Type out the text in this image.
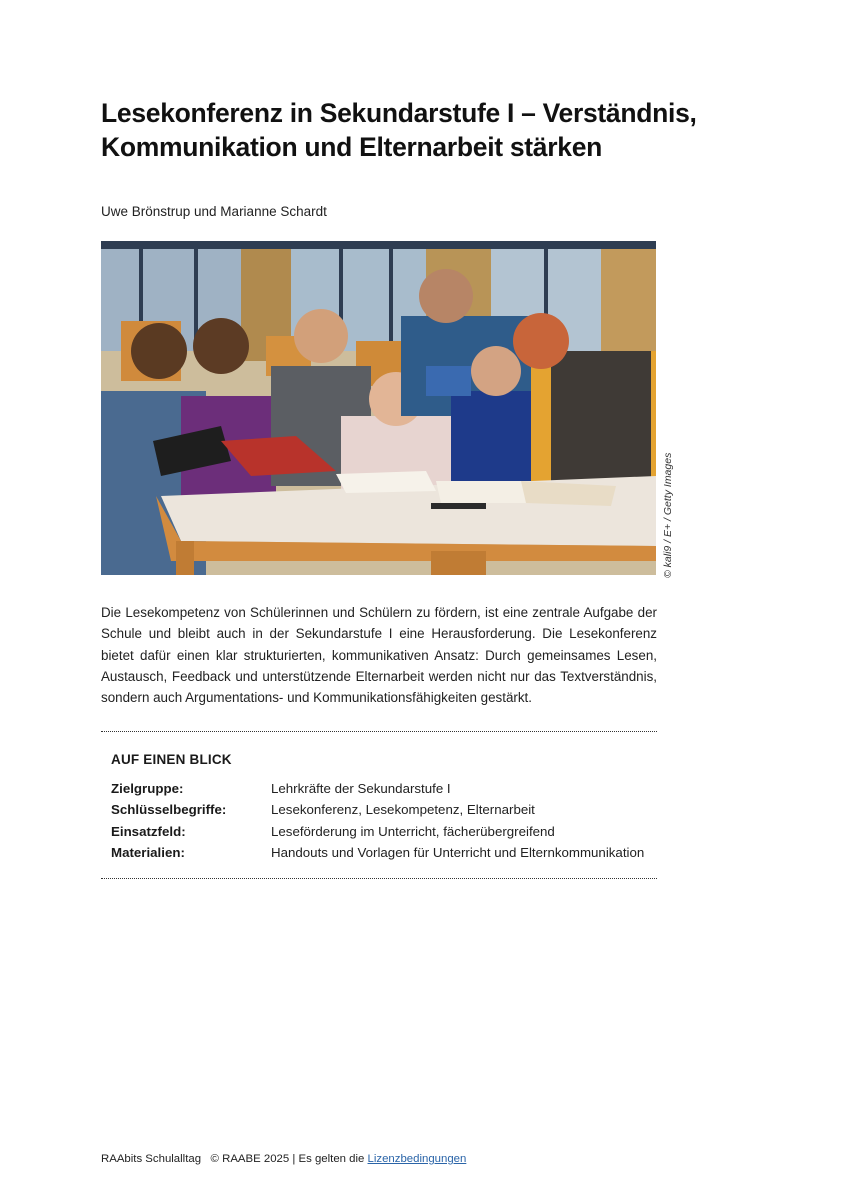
Lesekonferenz in Sekundarstufe I – Verständnis,
Kommunikation und Elternarbeit stärken
Uwe Brönstrup und Marianne Schardt
© kali9 / E+ / Getty Images

Die Lesekompetenz von Schülerinnen und Schülern zu fördern, ist eine zentrale Aufgabe der Schule und bleibt auch in der Sekundarstufe I eine Herausforderung. Die Lesekonferenz bietet dafür einen klar strukturierten, kommunikativen Ansatz: Durch gemeinsames Lesen, Austausch, Feedback und unterstützende Elternarbeit werden nicht nur das Textverständnis, sondern auch Argumentations- und Kommunikationsfähigkeiten gestärkt.

AUF EINEN BLICK
Zielgruppe:	Lehrkräfte der Sekundarstufe I
Schlüsselbegriffe:	Lesekonferenz, Lesekompetenz, Elternarbeit
Einsatzfeld:	Leseförderung im Unterricht, fächerübergreifend
Materialien:	Handouts und Vorlagen für Unterricht und Elternkommunikation
RAAbits Schulalltag   © RAABE 2025 | Es gelten die Lizenzbedingungen
